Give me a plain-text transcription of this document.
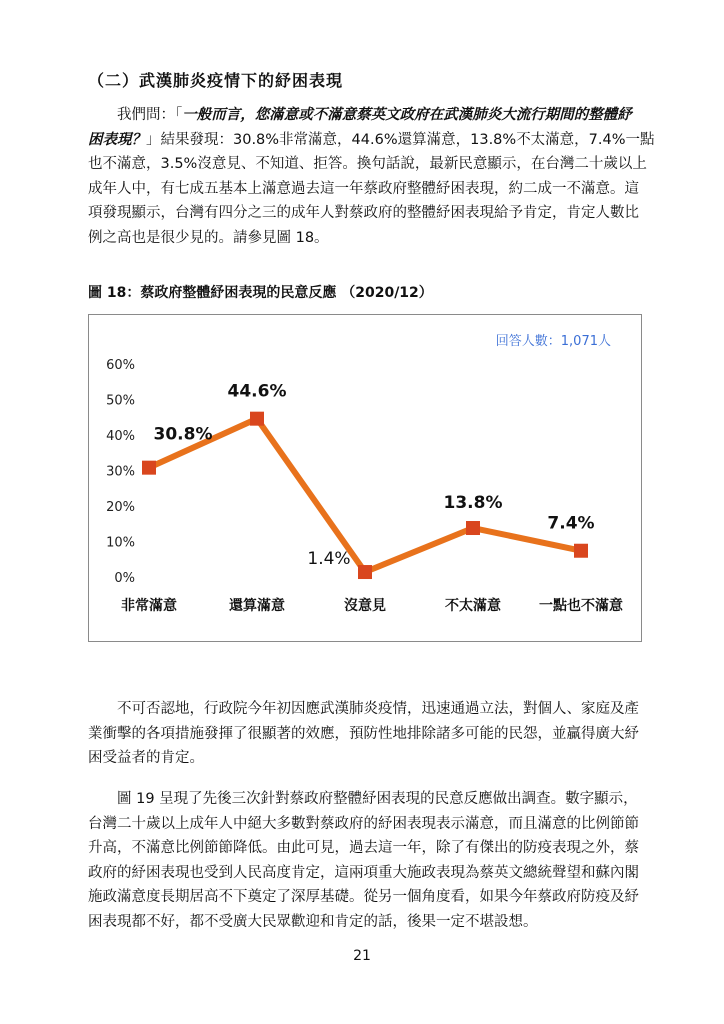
（二）武漢肺炎疫情下的紓困表現
我們問：「一般而言，您滿意或不滿意蔡英文政府在武漢肺炎大流行期間的整體紓
困表現？」結果發現：30.8%非常滿意，44.6%還算滿意，13.8%不太滿意，7.4%一點
也不滿意，3.5%沒意見、不知道、拒答。換句話說，最新民意顯示，在台灣二十歲以上
成年人中，有七成五基本上滿意過去這一年蔡政府整體紓困表現，約二成一不滿意。這
項發現顯示，台灣有四分之三的成年人對蔡政府的整體紓困表現給予肯定，肯定人數比
例之高也是很少見的。請參見圖 18。
圖 18：蔡政府整體紓困表現的民意反應 （2020/12）
回答人數：1,071人
0%
10%
20%
30%
40%
50%
60%
非常滿意	還算滿意	沒意見	不太滿意	一點也不滿意
30.8%
44.6%
1.4%
13.8%
7.4%
不可否認地，行政院今年初因應武漢肺炎疫情，迅速通過立法，對個人、家庭及產
業衝擊的各項措施發揮了很顯著的效應，預防性地排除諸多可能的民怨，並贏得廣大紓
困受益者的肯定。
圖 19 呈現了先後三次針對蔡政府整體紓困表現的民意反應做出調查。數字顯示，
台灣二十歲以上成年人中絕大多數對蔡政府的紓困表現表示滿意，而且滿意的比例節節
升高，不滿意比例節節降低。由此可見，過去這一年，除了有傑出的防疫表現之外，蔡
政府的紓困表現也受到人民高度肯定，這兩項重大施政表現為蔡英文總統聲望和蘇內閣
施政滿意度長期居高不下奠定了深厚基礎。從另一個角度看，如果今年蔡政府防疫及紓
困表現都不好，都不受廣大民眾歡迎和肯定的話，後果一定不堪設想。
21
